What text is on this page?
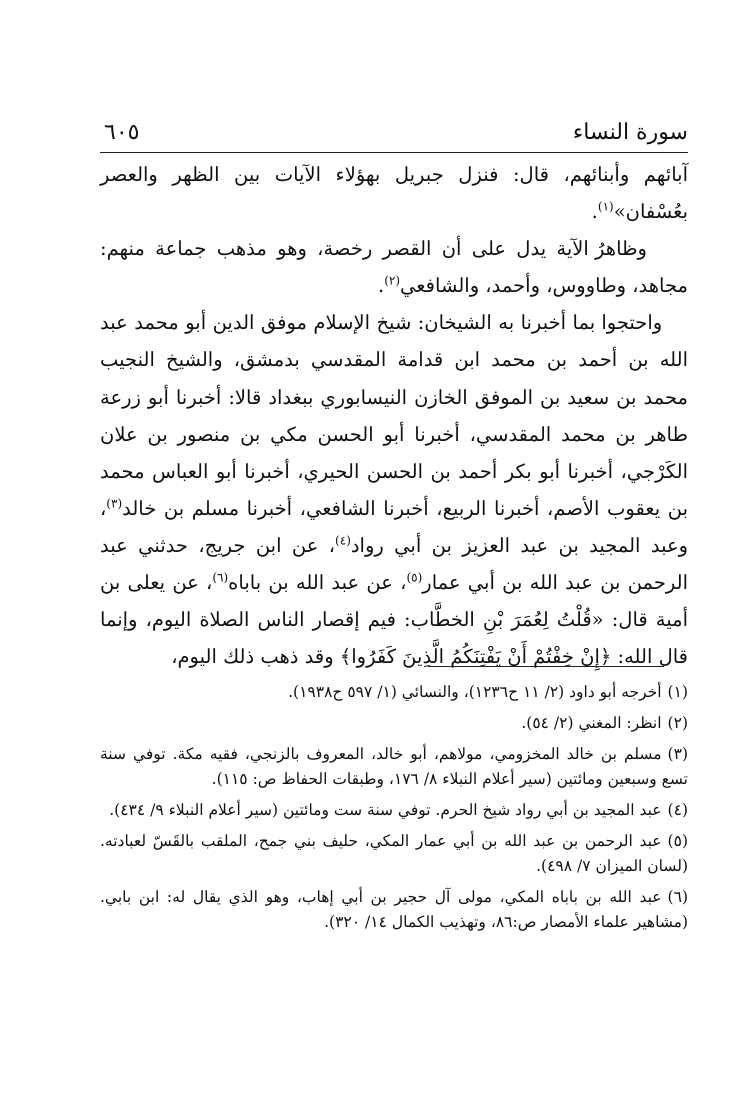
سورة النساء
٦٠٥

آبائهم وأبنائهم، قال: فنزل جبريل بهؤلاء الآيات بين الظهر والعصر بعُسْفان»$^{(١)}$.

وظاهرُ الآية يدل على أن القصر رخصة، وهو مذهب جماعة منهم: مجاهد، وطاووس، وأحمد، والشافعي$^{(٢)}$.

واحتجوا بما أخبرنا به الشيخان: شيخ الإسلام موفق الدين أبو محمد عبد الله بن أحمد بن محمد ابن قدامة المقدسي بدمشق، والشيخ النجيب محمد بن سعيد بن الموفق الخازن النيسابوري ببغداد قالا: أخبرنا أبو زرعة طاهر بن محمد المقدسي، أخبرنا أبو الحسن مكي بن منصور بن علان الكَرْجي، أخبرنا أبو بكر أحمد بن الحسن الحيري، أخبرنا أبو العباس محمد بن يعقوب الأصم، أخبرنا الربيع، أخبرنا الشافعي، أخبرنا مسلم بن خالد$^{(٣)}$، وعبد المجيد بن عبد العزيز بن أبي رواد$^{(٤)}$، عن ابن جريج، حدثني عبد الرحمن بن عبد الله بن أبي عمار$^{(٥)}$، عن عبد الله بن باباه$^{(٦)}$، عن يعلى بن أمية قال: «قُلْتُ لِعُمَرَ بْنِ الخطَّاب: فيم إقصار الناس الصلاة اليوم، وإنما قال الله: ﴿إِنْ خِفْتُمْ أَنْ يَفْتِنَكُمُ الَّذِينَ كَفَرُوا﴾ وقد ذهب ذلك اليوم،

(١)أخرجه أبو داود (٢/ ١١ ح١٢٣٦)، والنسائي (١/ ٥٩٧ ح١٩٣٨).

(٢)انظر: المغني (٢/ ٥٤).

(٣)مسلم بن خالد المخزومي، مولاهم، أبو خالد، المعروف بالزنجي، فقيه مكة. توفي سنة تسع وسبعين ومائتين (سير أعلام النبلاء ٨/ ١٧٦، وطبقات الحفاظ ص: ١١٥).

(٤)عبد المجيد بن أبي رواد شيخ الحرم. توفي سنة ست ومائتين (سير أعلام النبلاء ٩/ ٤٣٤).

(٥)عبد الرحمن بن عبد الله بن أبي عمار المكي، حليف بني جمح، الملقب بالقَسّ لعبادته. (لسان الميزان ٧/ ٤٩٨).

(٦)عبد الله بن باباه المكي، مولى آل حجير بن أبي إهاب، وهو الذي يقال له: ابن بابي. (مشاهير علماء الأمصار ص:٨٦، وتهذيب الكمال ١٤/ ٣٢٠).
